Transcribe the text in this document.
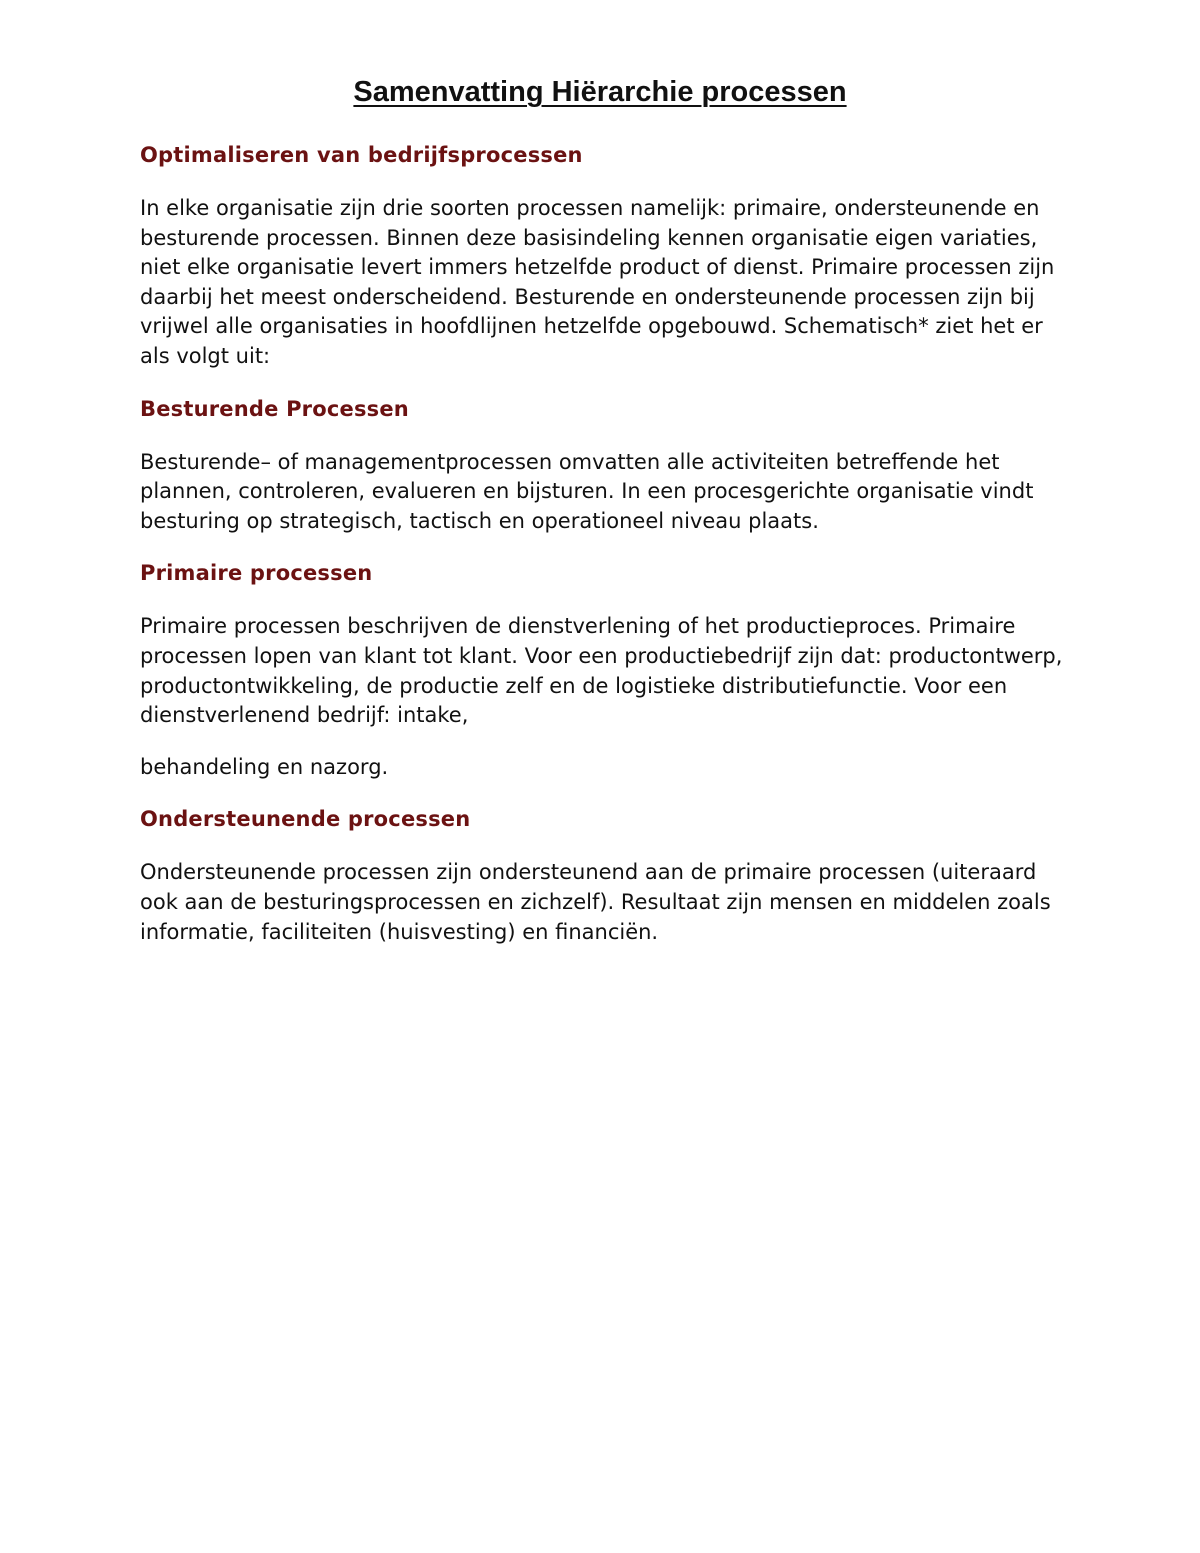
Samenvatting Hiërarchie processen
Optimaliseren van bedrijfsprocessen

In elke organisatie zijn drie soorten processen namelijk: primaire, ondersteunende en besturende processen. Binnen deze basisindeling kennen organisatie eigen variaties, niet elke organisatie levert immers hetzelfde product of dienst. Primaire processen zijn daarbij het meest onderscheidend. Besturende en ondersteunende processen zijn bij vrijwel alle organisaties in hoofdlijnen hetzelfde opgebouwd. Schematisch* ziet het er als volgt uit:

Besturende Processen

Besturende– of managementprocessen omvatten alle activiteiten betreffende het plannen, controleren, evalueren en bijsturen. In een procesgerichte organisatie vindt besturing op strategisch, tactisch en operationeel niveau plaats.

Primaire processen

Primaire processen beschrijven de dienstverlening of het productieproces. Primaire processen lopen van klant tot klant. Voor een productiebedrijf zijn dat: productontwerp, productontwikkeling, de productie zelf en de logistieke distributiefunctie. Voor een dienstverlenend bedrijf: intake,

behandeling en nazorg.

Ondersteunende processen

Ondersteunende processen zijn ondersteunend aan de primaire processen (uiteraard ook aan de besturingsprocessen en zichzelf). Resultaat zijn mensen en middelen zoals informatie, faciliteiten (huisvesting) en financiën.
